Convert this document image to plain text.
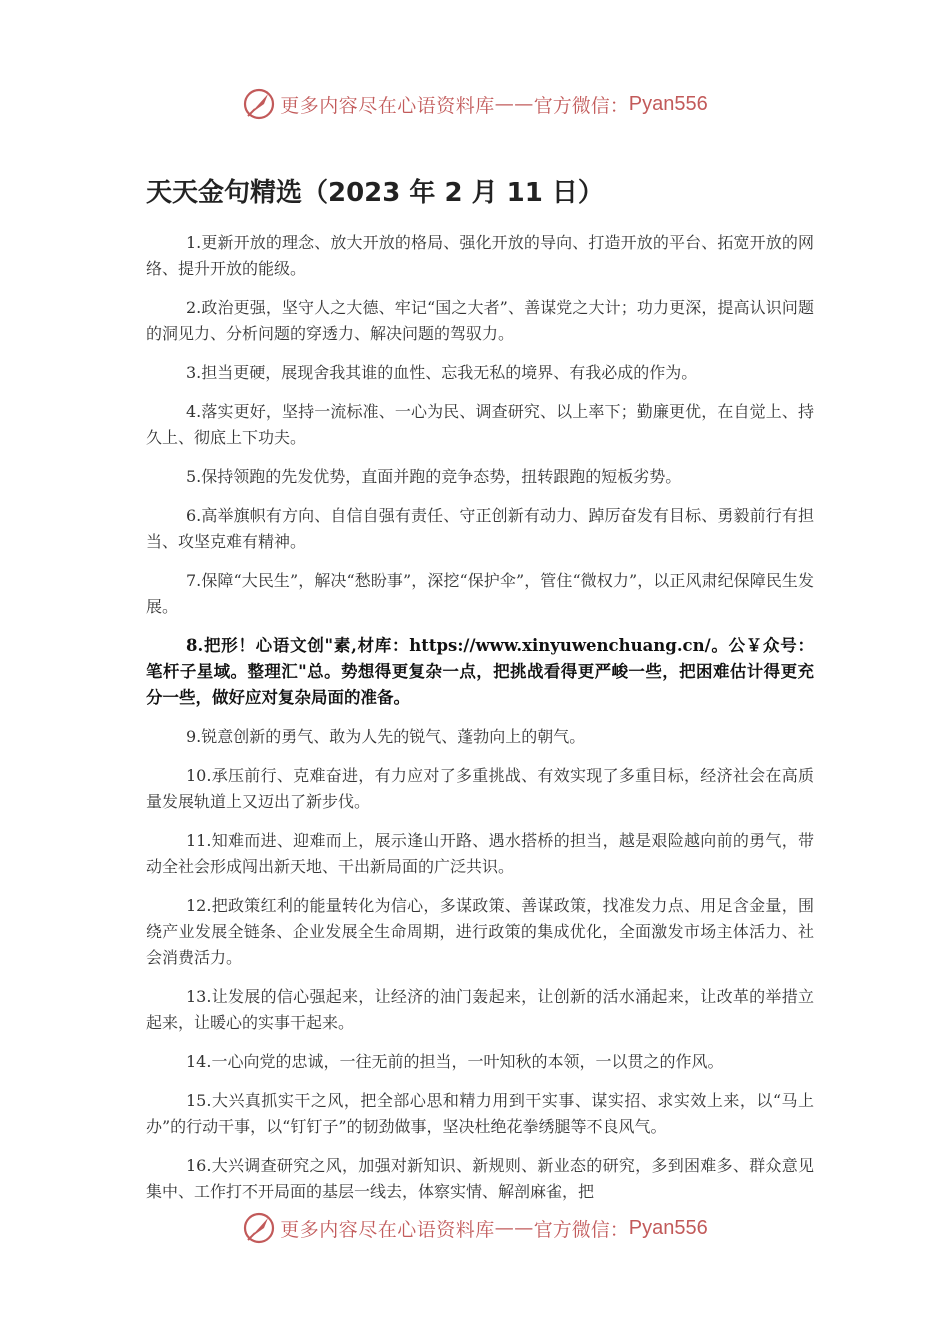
更多内容尽在心语资料库 —— 官方微信： Pyan556
天天金句精选（2023 年 2 月 11 日）

1.更新开放的理念、放大开放的格局、强化开放的导向、打造开放的平台、拓宽开放的网络、提升开放的能级。

2.政治更强，坚守人之大德、牢记“国之大者”、善谋党之大计；功力更深，提高认识问题的洞见力、分析问题的穿透力、解决问题的驾驭力。

3.担当更硬，展现舍我其谁的血性、忘我无私的境界、有我必成的作为。

4.落实更好，坚持一流标准、一心为民、调查研究、以上率下；勤廉更优，在自觉上、持久上、彻底上下功夫。

5.保持领跑的先发优势，直面并跑的竞争态势，扭转跟跑的短板劣势。

6.高举旗帜有方向、自信自强有责任、守正创新有动力、踔厉奋发有目标、勇毅前行有担当、攻坚克难有精神。

7.保障“大民生”，解决“愁盼事”，深挖“保护伞”，管住“微权力”，以正风肃纪保障民生发展。

8.把形！心语文创"素,材库：https://www.xinyuwenchuang.cn/。公￥众号：笔杆子星域。整理汇"总。势想得更复杂一点，把挑战看得更严峻一些，把困难估计得更充分一些，做好应对复杂局面的准备。

9.锐意创新的勇气、敢为人先的锐气、蓬勃向上的朝气。

10.承压前行、克难奋进，有力应对了多重挑战、有效实现了多重目标，经济社会在高质量发展轨道上又迈出了新步伐。

11.知难而进、迎难而上，展示逢山开路、遇水搭桥的担当，越是艰险越向前的勇气，带动全社会形成闯出新天地、干出新局面的广泛共识。

12.把政策红利的能量转化为信心，多谋政策、善谋政策，找准发力点、用足含金量，围绕产业发展全链条、企业发展全生命周期，进行政策的集成优化，全面激发市场主体活力、社会消费活力。

13.让发展的信心强起来，让经济的油门轰起来，让创新的活水涌起来，让改革的举措立起来，让暖心的实事干起来。

14.一心向党的忠诚，一往无前的担当，一叶知秋的本领，一以贯之的作风。

15.大兴真抓实干之风，把全部心思和精力用到干实事、谋实招、求实效上来，以“马上办”的行动干事，以“钉钉子”的韧劲做事，坚决杜绝花拳绣腿等不良风气。

16.大兴调查研究之风，加强对新知识、新规则、新业态的研究，多到困难多、群众意见集中、工作打不开局面的基层一线去，体察实情、解剖麻雀，把

更多内容尽在心语资料库 —— 官方微信： Pyan556
